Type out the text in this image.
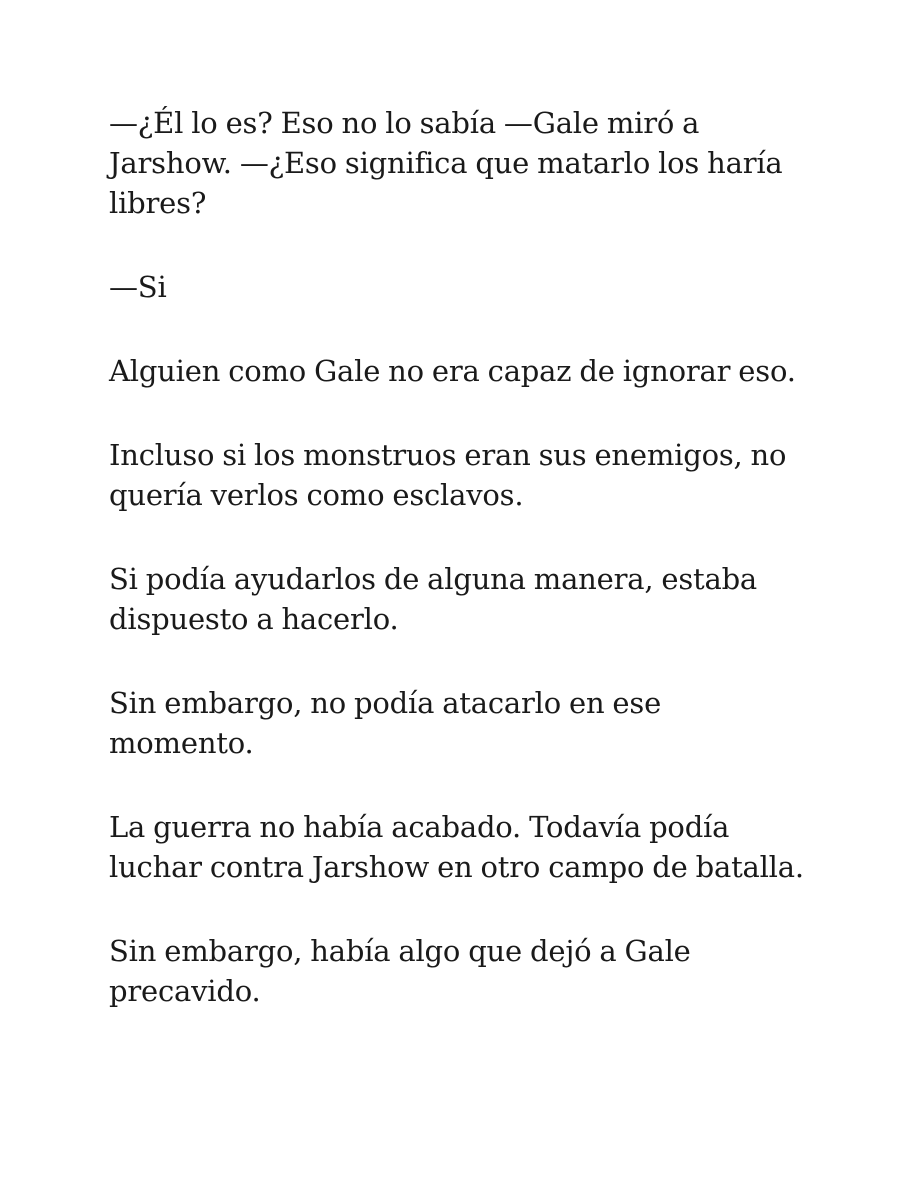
—¿Él lo es? Eso no lo sabía —Gale miró a Jarshow. —¿Eso significa que matarlo los haría libres?

—Si

Alguien como Gale no era capaz de ignorar eso.

Incluso si los monstruos eran sus enemigos, no quería verlos como esclavos.

Si podía ayudarlos de alguna manera, estaba dispuesto a hacerlo.

Sin embargo, no podía atacarlo en ese momento.

La guerra no había acabado. Todavía podía luchar contra Jarshow en otro campo de batalla.

Sin embargo, había algo que dejó a Gale precavido.
